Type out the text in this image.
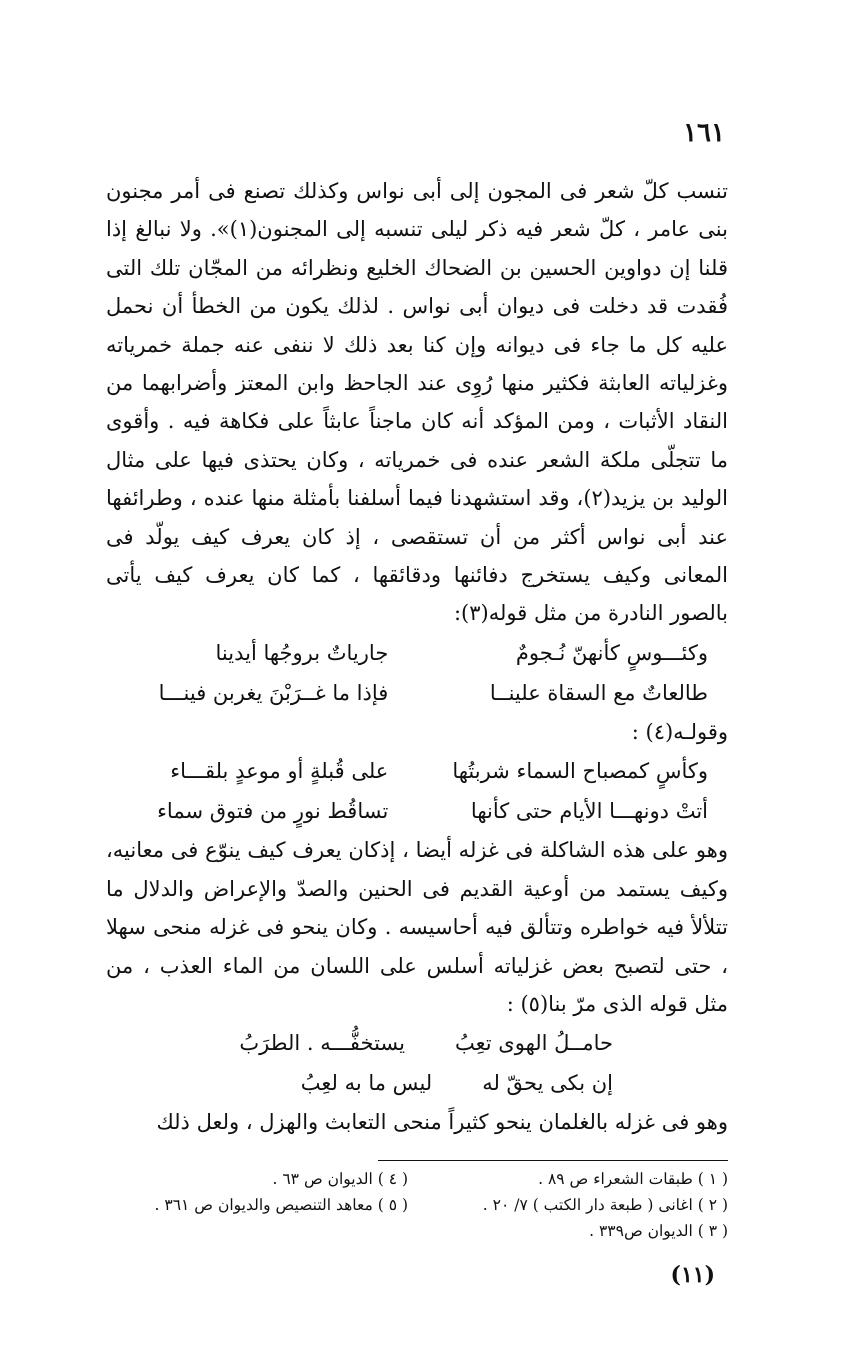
١٦١

تنسب كلّ شعر فى المجون إلى أبى نواس وكذلك تصنع فى أمر مجنون بنى عامر ، كلّ شعر فيه ذكر ليلى تنسبه إلى المجنون(١)». ولا نبالغ إذا قلنا إن دواوين الحسين بن الضحاك الخليع ونظرائه من المجّان تلك التى فُقدت قد دخلت فى ديوان أبى نواس . لذلك يكون من الخطأ أن نحمل عليه كل ما جاء فى ديوانه وإن كنا بعد ذلك لا ننفى عنه جملة خمرياته وغزلياته العابثة فكثير منها رُوِى عند الجاحظ وابن المعتز وأضرابهما من النقاد الأثبات ، ومن المؤكد أنه كان ماجناً عابثاً على فكاهة فيه . وأقوى ما تتجلّى ملكة الشعر عنده فى خمرياته ، وكان يحتذى فيها على مثال الوليد بن يزيد(٢)، وقد استشهدنا فيما أسلفنا بأمثلة منها عنده ، وطرائفها عند أبى نواس أكثر من أن تستقصى ، إذ كان يعرف كيف يولّد فى المعانى وكيف يستخرج دفائنها ودقائقها ، كما كان يعرف كيف يأتى بالصور النادرة من مثل قوله(٣):

وكئـــوسٍ كأنهنّ نُـجومٌ
جارياتٌ بروجُها أيدينا
طالعاتٌ مع السقاة علينــا
فإذا ما غــرَبْنَ يغربن فينـــا

وقولـه(٤) :

وكأسٍ كمصباح السماء شربتُها
على قُبلةٍ أو موعدٍ بلقـــاء
أتتْ دونهـــا الأيام حتى كأنها
تساقُط نورٍ من فتوق سماء

وهو على هذه الشاكلة فى غزله أيضا ، إذكان يعرف كيف ينوّع فى معانيه، وكيف يستمد من أوعية القديم فى الحنين والصدّ والإعراض والدلال ما تتلألأ فيه خواطره وتتألق فيه أحاسيسه . وكان ينحو فى غزله منحى سهلا ، حتى لتصبح بعض غزلياته أسلس على اللسان من الماء العذب ، من مثل قوله الذى مرّ بنا(٥) :

حامــلُ الهوى تعِبُ
يستخفُّـــه . الطرَبُ
إن بكى يحقّ له
ليس ما به لعِبُ

وهو فى غزله بالغلمان ينحو كثيراً منحى التعابث والهزل ، ولعل ذلك

( ١ ) طبقات الشعراء ص ٨٩ .
( ٢ ) اغانى ( طبعة دار الكتب ) ٧/ ٢٠ .
( ٣ ) الديوان ص٣٣٩ .
( ٤ ) الديوان ص ٦٣ .
( ٥ ) معاهد التنصيص والديوان ص ٣٦١ .
(١١)
